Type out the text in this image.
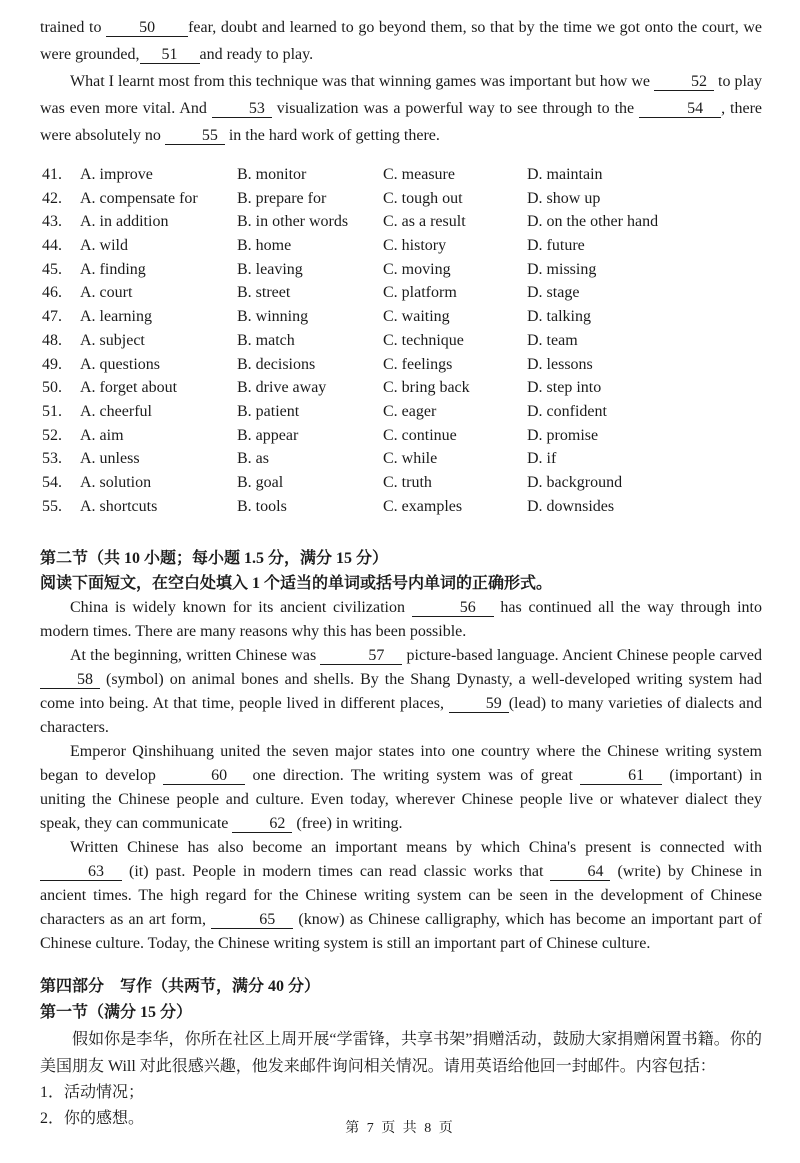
trained to 50 fear, doubt and learned to go beyond them, so that by the time we got onto the court, we were grounded, 51 and ready to play.

What I learnt most from this technique was that winning games was important but how we 52 to play was even more vital. And 53 visualization was a powerful way to see through to the	54 , there were absolutely no 55 in the hard work of getting there.

41.	A. improve	B. monitor	C. measure	D. maintain
42.	A. compensate for	B. prepare for	C. tough out	D. show up
43.	A. in addition	B. in other words	C. as a result	D. on the other hand
44.	A. wild	B. home	C. history	D. future
45.	A. finding	B. leaving	C. moving	D. missing
46.	A. court	B. street	C. platform	D. stage
47.	A. learning	B. winning	C. waiting	D. talking
48.	A. subject	B. match	C. technique	D. team
49.	A. questions	B. decisions	C. feelings	D. lessons
50.	A. forget about	B. drive away	C. bring back	D. step into
51.	A. cheerful	B. patient	C. eager	D. confident
52.	A. aim	B. appear	C. continue	D. promise
53.	A. unless	B. as	C. while	D. if
54.	A. solution	B. goal	C. truth	D. background
55.	A. shortcuts	B. tools	C. examples	D. downsides
第二节（共 10 小题；每小题 1.5 分，满分 15 分）
阅读下面短文，在空白处填入 1 个适当的单词或括号内单词的正确形式。

China is widely known for its ancient civilization	56 has continued all the way through into modern times. There are many reasons why this has been possible.

At the beginning, written Chinese was	57 picture-based language. Ancient Chinese people carved 58 (symbol) on animal bones and shells. By the Shang Dynasty, a well-developed writing system had come into being. At that time, people lived in different places, 59 (lead) to many varieties of dialects and characters.

Emperor Qinshihuang united the seven major states into one country where the Chinese writing system began to develop	60 one direction. The writing system was of great	61 (important) in uniting the Chinese people and culture. Even today, wherever Chinese people live or whatever dialect they speak, they can communicate 62 (free) in writing.

Written Chinese has also become an important means by which China's present is connected with 63 (it) past. People in modern times can read classic works that 64 (write) by Chinese in ancient times. The high regard for the Chinese writing system can be seen in the development of Chinese characters as an art form,	65 (know) as Chinese calligraphy, which has become an important part of Chinese culture. Today, the Chinese writing system is still an important part of Chinese culture.

第四部分　写作（共两节，满分 40 分）
第一节（满分 15 分）

假如你是李华，你所在社区上周开展“学雷锋，共享书架”捐赠活动，鼓励大家捐赠闲置书籍。你的美国朋友 Will 对此很感兴趣，他发来邮件询问相关情况。请用英语给他回一封邮件。内容包括：

1．活动情况；
2．你的感想。
第 7 页 共 8 页
